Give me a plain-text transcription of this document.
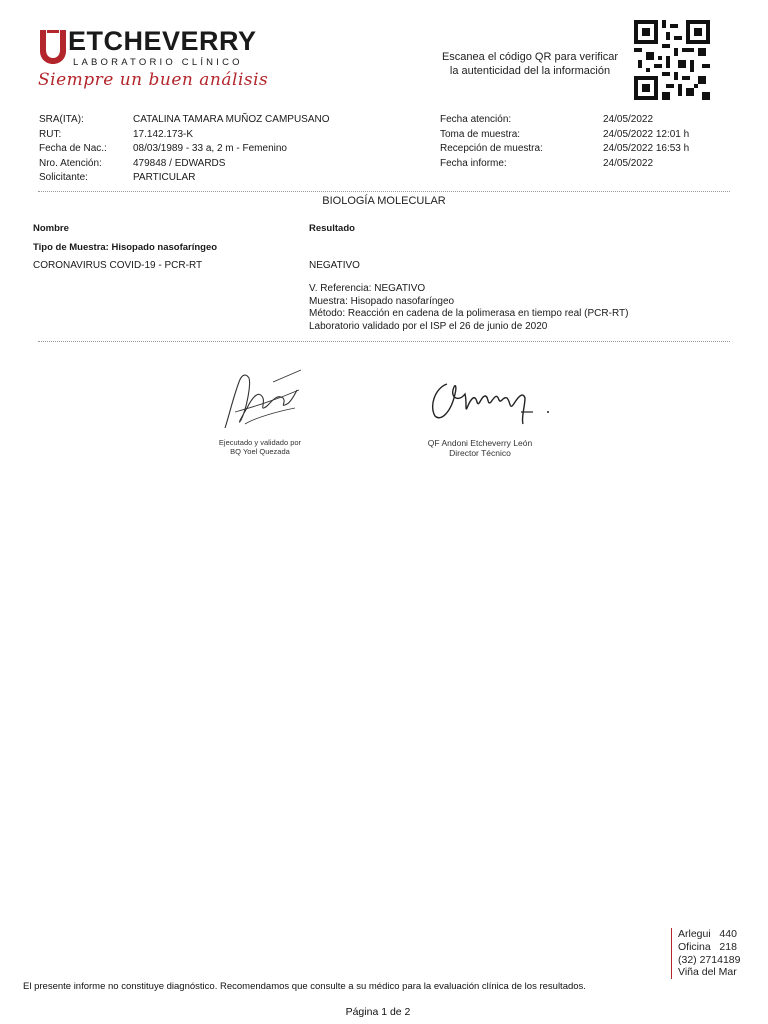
ETCHEVERRY
LABORATORIO CLÍNICO
Siempre un buen análisis
Escanea el código QR para verificar
la autenticidad del la información
SRA(ITA):
RUT:
Fecha de Nac.:
Nro. Atención:
Solicitante:
CATALINA TAMARA MUÑOZ CAMPUSANO
17.142.173-K
08/03/1989 - 33 a, 2 m - Femenino
479848 / EDWARDS
PARTICULAR
Fecha atención:
Toma de muestra:
Recepción de muestra:
Fecha informe:
24/05/2022
24/05/2022 12:01 h
24/05/2022 16:53 h
24/05/2022
BIOLOGÍA MOLECULAR
Nombre	Resultado
Tipo de Muestra: Hisopado nasofaríngeo
CORONAVIRUS COVID-19 - PCR-RT	NEGATIVO
V. Referencia: NEGATIVO
Muestra: Hisopado nasofaríngeo
Método: Reacción en cadena de la polimerasa en tiempo real (PCR-RT)
Laboratorio validado por el ISP el 26 de junio de 2020
Ejecutado y validado por
BQ Yoel Quezada
QF Andoni Etcheverry León
Director Técnico
Arlegui   440
Oficina   218
(32) 2714189
Viña del Mar
El presente informe no constituye diagnóstico. Recomendamos que consulte a su médico para la evaluación clínica de los resultados.
Página 1 de 2
